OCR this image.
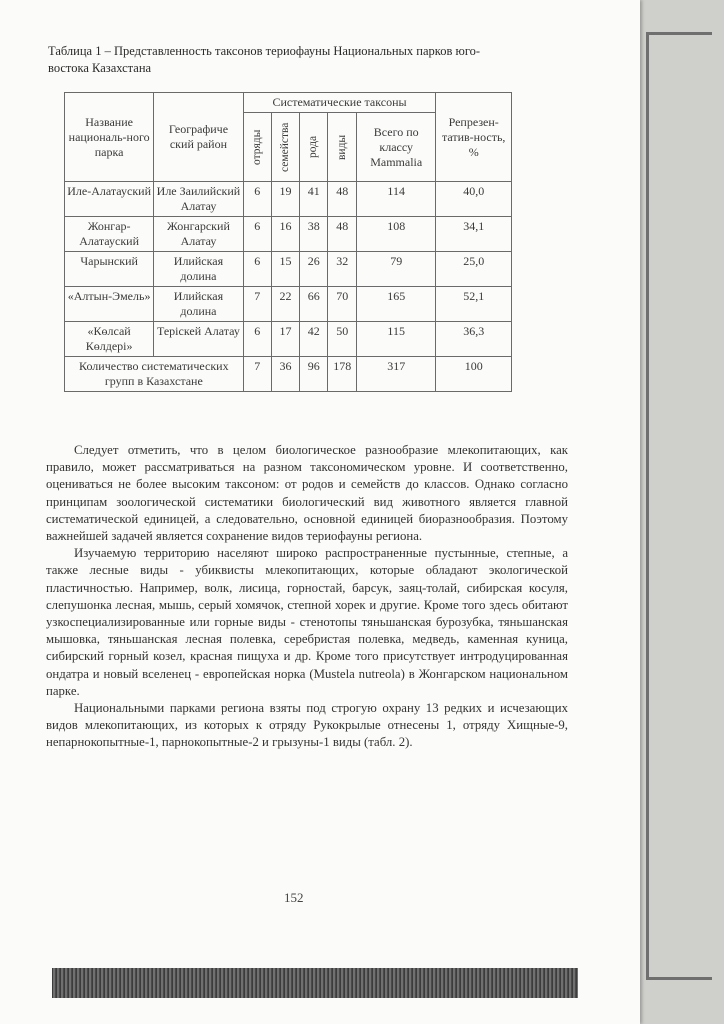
Таблица 1 – Представленность таксонов териофауны Национальных парков юго-
востока Казахстана
Название националь-ного парка	Географиче ский район	Систематические таксоны					Репрезен-татив-ность, %

		отряды	семейства	рода	виды	Всего по классу Mammalia	
Иле-Алатауский	Иле Заилийский Алатау	6	19	41	48	114	40,0
Жонгар-Алатауский	Жонгарский Алатау	6	16	38	48	108	34,1
Чарынский	Илийская долина	6	15	26	32	79	25,0
«Алтын-Эмель»	Илийская долина	7	22	66	70	165	52,1
«Көлсай Көлдері»	Терiскей Алатау	6	17	42	50	115	36,3
Количество систематических групп в Казахстане		7	36	96	178	317	100

Следует отметить, что в целом биологическое разнообразие млекопитающих, как правило, может рассматриваться на разном таксономическом уровне. И соответственно, оцениваться не более высоким таксоном: от родов и семейств до классов. Однако согласно принципам зоологической систематики биологический вид животного является главной систематической единицей, а следовательно, основной единицей биоразнообразия. Поэтому важнейшей задачей является сохранение видов териофауны региона.

Изучаемую территорию населяют широко распространенные пустынные, степные, а также лесные виды - убиквисты млекопитающих, которые обладают экологической пластичностью. Например, волк, лисица, горностай, барсук, заяц-толай, сибирская косуля, слепушонка лесная, мышь, серый хомячок, степной хорек и другие. Кроме того здесь обитают узкоспециализированные или горные виды - стенотопы тяньшанская бурозубка, тяньшанская мышовка, тяньшанская лесная полевка, серебристая полевка, медведь, каменная куница, сибирский горный козел, красная пищуха и др. Кроме того присутствует интродуцированная ондатра и новый вселенец - европейская норка (Mustela nutreola) в Жонгарском национальном парке.

Национальными парками региона взяты под строгую охрану 13 редких и исчезающих видов млекопитающих, из которых к отряду Рукокрылые отнесены 1, отряду Хищные-9, непарнокопытные-1, парнокопытные-2 и грызуны-1 виды (табл. 2).

152
